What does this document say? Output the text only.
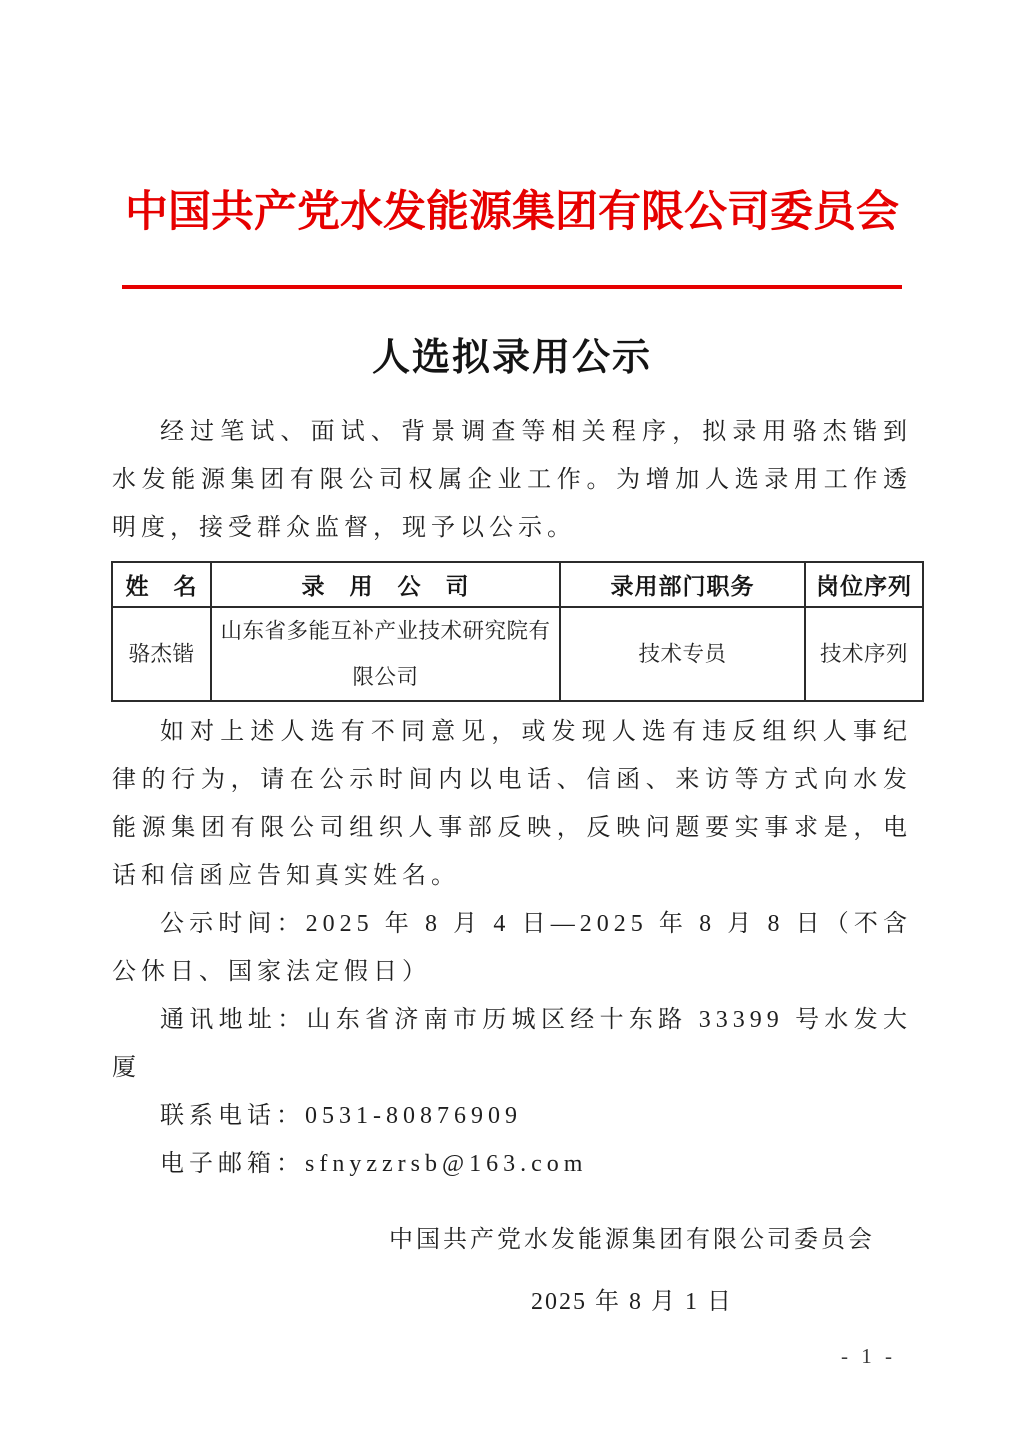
中国共产党水发能源集团有限公司委员会
人选拟录用公示

经过笔试、面试、背景调查等相关程序，拟录用骆杰锴到水发能源集团有限公司权属企业工作。为增加人选录用工作透明度，接受群众监督，现予以公示。

姓　名	录　用　公　司	录用部门职务	岗位序列
骆杰锴	山东省多能互补产业技术研究院有限公司	技术专员	技术序列

如对上述人选有不同意见，或发现人选有违反组织人事纪律的行为，请在公示时间内以电话、信函、来访等方式向水发能源集团有限公司组织人事部反映，反映问题要实事求是，电话和信函应告知真实姓名。

公示时间：2025 年 8 月 4 日—2025 年 8 月 8 日（不含公休日、国家法定假日）

通讯地址：山东省济南市历城区经十东路 33399 号水发大厦

联系电话：0531-80876909

电子邮箱：sfnyzzrsb@163.com

中国共产党水发能源集团有限公司委员会
2025 年 8 月 1 日
- 1 -
